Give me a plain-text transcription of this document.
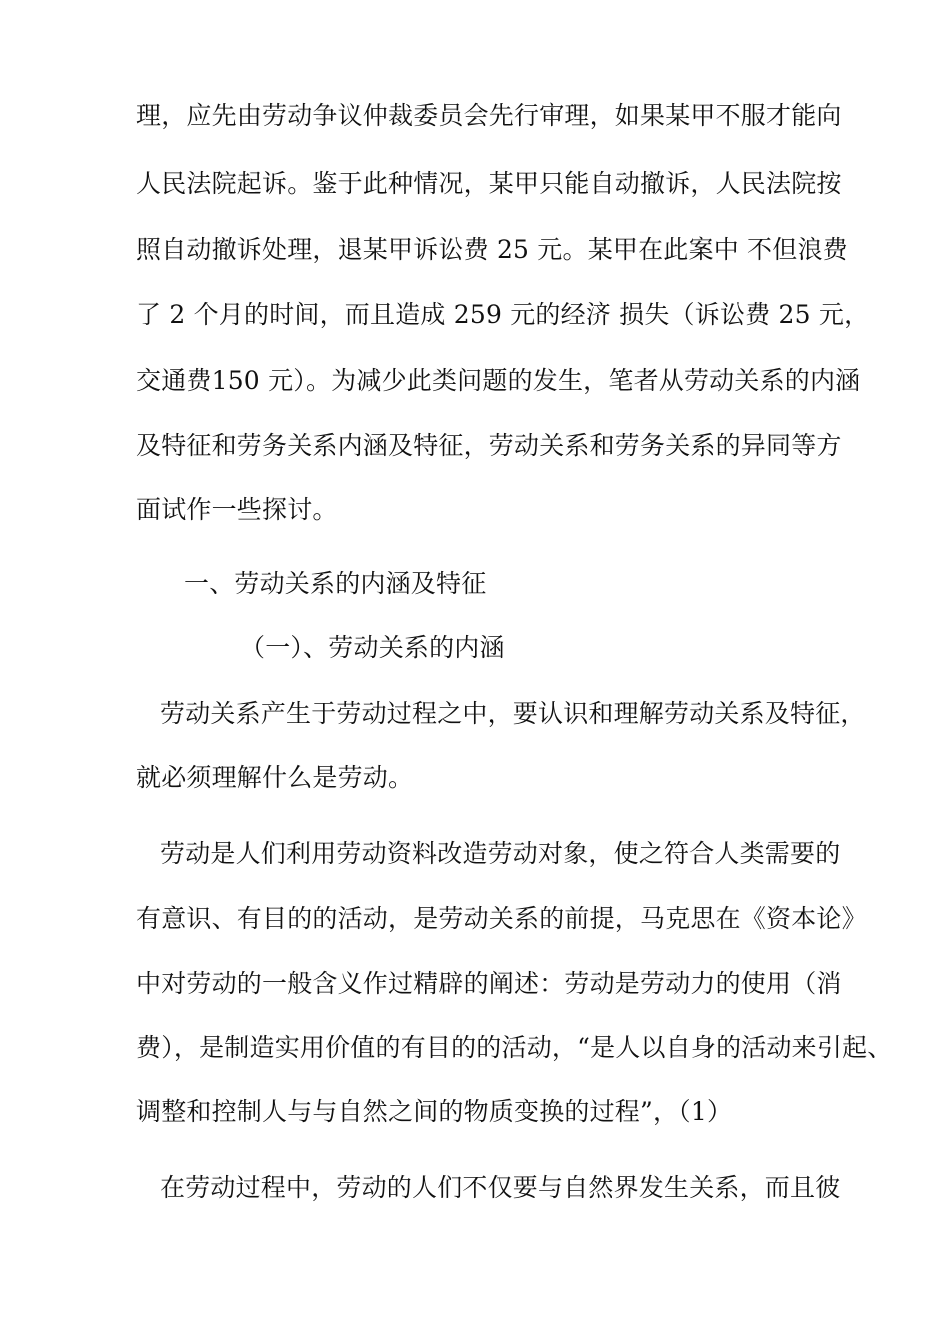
理，应先由劳动争议仲裁委员会先行审理，如果某甲不服才能向
人民法院起诉。鉴于此种情况，某甲只能自动撤诉，人民法院按
照自动撤诉处理，退某甲诉讼费 25 元。某甲在此案中 不但浪费
了 2 个月的时间，而且造成 259 元的经济 损失（诉讼费 25 元，
交通费150 元）。为减少此类问题的发生，笔者从劳动关系的内涵
及特征和劳务关系内涵及特征，劳动关系和劳务关系的异同等方
面试作一些探讨。
一、劳动关系的内涵及特征
（一）、劳动关系的内涵
劳动关系产生于劳动过程之中，要认识和理解劳动关系及特征，
就必须理解什么是劳动。
劳动是人们利用劳动资料改造劳动对象，使之符合人类需要的
有意识、有目的的活动，是劳动关系的前提，马克思在《资本论》
中对劳动的一般含义作过精辟的阐述：劳动是劳动力的使用（消
费），是制造实用价值的有目的的活动，“是人以自身的活动来引起、
调整和控制人与与自然之间的物质变换的过程”，（1）
在劳动过程中，劳动的人们不仅要与自然界发生关系，而且彼
